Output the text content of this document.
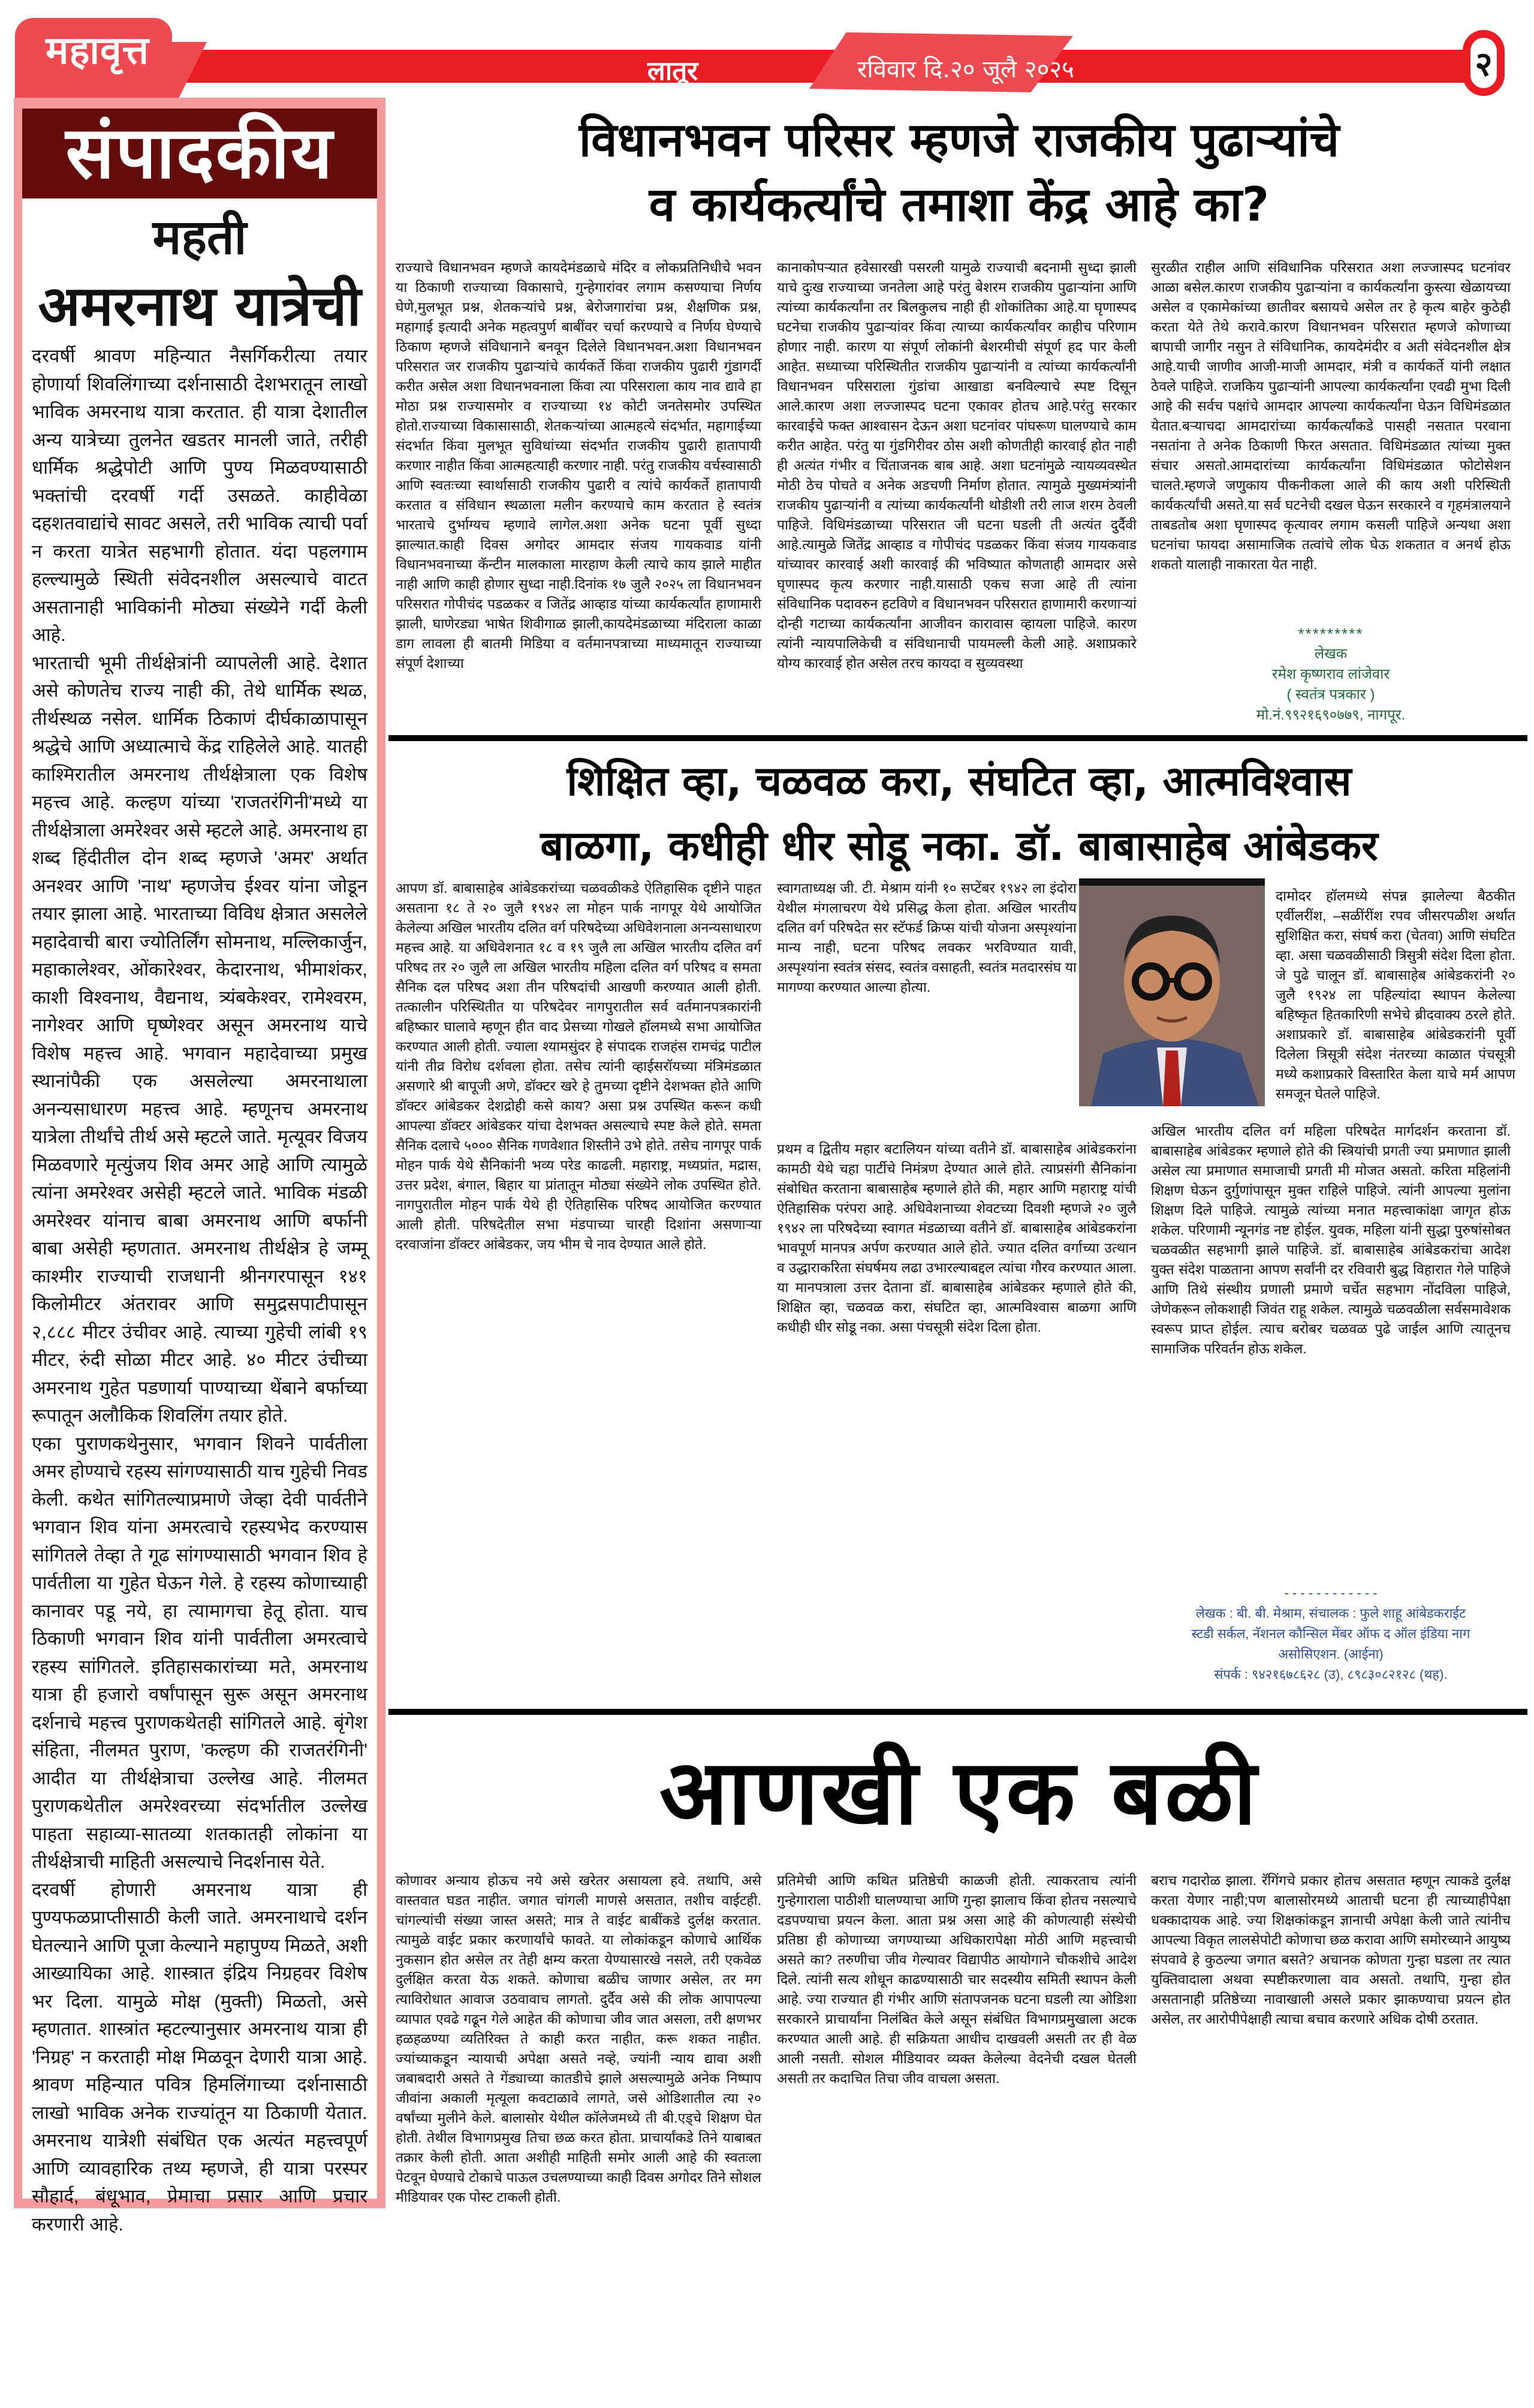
महावृत्त	लातूर	रविवार दि.२० जूलै २०२५	२
संपादकीय
महती
अमरनाथ यात्रेची

दरवर्षी श्रावण महिन्यात नैसर्गिकरीत्या तयार होणार्या शिवलिंगाच्या दर्शनासाठी देशभरातून लाखो भाविक अमरनाथ यात्रा करतात. ही यात्रा देशातील अन्य यात्रेच्या तुलनेत खडतर मानली जाते, तरीही धार्मिक श्रद्धेपोटी आणि पुण्य मिळवण्यासाठी भक्तांची दरवर्षी गर्दी उसळते. काहीवेळा दहशतवाद्यांचे सावट असले, तरी भाविक त्याची पर्वा न करता यात्रेत सहभागी होतात. यंदा पहलगाम हल्ल्यामुळे स्थिती संवेदनशील असल्याचे वाटत असतानाही भाविकांनी मोठ्या संख्येने गर्दी केली आहे.

भारताची भूमी तीर्थक्षेत्रांनी व्यापलेली आहे. देशात असे कोणतेच राज्य नाही की, तेथे धार्मिक स्थळ, तीर्थस्थळ नसेल. धार्मिक ठिकाणं दीर्घकाळापासून श्रद्धेचे आणि अध्यात्माचे केंद्र राहिलेले आहे. यातही काश्मिरातील अमरनाथ तीर्थक्षेत्राला एक विशेष महत्त्व आहे. कल्हण यांच्या 'राजतरंगिनी'मध्ये या तीर्थक्षेत्राला अमरेश्वर असे म्हटले आहे. अमरनाथ हा शब्द हिंदीतील दोन शब्द म्हणजे 'अमर' अर्थात अनश्वर आणि 'नाथ' म्हणजेच ईश्वर यांना जोडून तयार झाला आहे. भारताच्या विविध क्षेत्रात असलेले महादेवाची बारा ज्योतिर्लिंग सोमनाथ, मल्लिकार्जुन, महाकालेश्वर, ओंकारेश्वर, केदारनाथ, भीमाशंकर, काशी विश्वनाथ, वैद्यनाथ, त्र्यंबकेश्वर, रामेश्वरम, नागेश्वर आणि घृष्णेश्वर असून अमरनाथ याचे विशेष महत्त्व आहे. भगवान महादेवाच्या प्रमुख स्थानांपैकी एक असलेल्या अमरनाथाला अनन्यसाधारण महत्त्व आहे. म्हणूनच अमरनाथ यात्रेला तीर्थांचे तीर्थ असे म्हटले जाते. मृत्यूवर विजय मिळवणारे मृत्युंजय शिव अमर आहे आणि त्यामुळे त्यांना अमरेश्वर असेही म्हटले जाते. भाविक मंडळी अमरेश्वर यांनाच बाबा अमरनाथ आणि बर्फानी बाबा असेही म्हणतात. अमरनाथ तीर्थक्षेत्र हे जम्मू काश्मीर राज्याची राजधानी श्रीनगरपासून १४१ किलोमीटर अंतरावर आणि समुद्रसपाटीपासून २,८८८ मीटर उंचीवर आहे. त्याच्या गुहेची लांबी १९ मीटर, रुंदी सोळा मीटर आहे. ४० मीटर उंचीच्या अमरनाथ गुहेत पडणार्या पाण्याच्या थेंबाने बर्फाच्या रूपातून अलौकिक शिवलिंग तयार होते.

एका पुराणकथेनुसार, भगवान शिवने पार्वतीला अमर होण्याचे रहस्य सांगण्यासाठी याच गुहेची निवड केली. कथेत सांगितल्याप्रमाणे जेव्हा देवी पार्वतीने भगवान शिव यांना अमरत्वाचे रहस्यभेद करण्यास सांगितले तेव्हा ते गूढ सांगण्यासाठी भगवान शिव हे पार्वतीला या गुहेत घेऊन गेले. हे रहस्य कोणाच्याही कानावर पडू नये, हा त्यामागचा हेतू होता. याच ठिकाणी भगवान शिव यांनी पार्वतीला अमरत्वाचे रहस्य सांगितले. इतिहासकारांच्या मते, अमरनाथ यात्रा ही हजारो वर्षांपासून सुरू असून अमरनाथ दर्शनाचे महत्त्व पुराणकथेतही सांगितले आहे. बृंगेश संहिता, नीलमत पुराण, 'कल्हण की राजतरंगिनी' आदीत या तीर्थक्षेत्राचा उल्लेख आहे. नीलमत पुराणकथेतील अमरेश्वरच्या संदर्भातील उल्लेख पाहता सहाव्या-सातव्या शतकातही लोकांना या तीर्थक्षेत्राची माहिती असल्याचे निदर्शनास येते.

दरवर्षी होणारी अमरनाथ यात्रा ही पुण्यफळप्राप्तीसाठी केली जाते. अमरनाथाचे दर्शन घेतल्याने आणि पूजा केल्याने महापुण्य मिळते, अशी आख्यायिका आहे. शास्त्रात इंद्रिय निग्रहवर विशेष भर दिला. यामुळे मोक्ष (मुक्ती) मिळतो, असे म्हणतात. शास्त्रांत म्हटल्यानुसार अमरनाथ यात्रा ही 'निग्रह' न करताही मोक्ष मिळवून देणारी यात्रा आहे. श्रावण महिन्यात पवित्र हिमलिंगाच्या दर्शनासाठी लाखो भाविक अनेक राज्यांतून या ठिकाणी येतात. अमरनाथ यात्रेशी संबंधित एक अत्यंत महत्त्वपूर्ण आणि व्यावहारिक तथ्य म्हणजे, ही यात्रा परस्पर सौहार्द, बंधूभाव, प्रेमाचा प्रसार आणि प्रचार करणारी आहे.

विधानभवन परिसर म्हणजे राजकीय पुढाऱ्यांचे
व कार्यकर्त्यांचे तमाशा केंद्र आहे का?
राज्याचे विधानभवन म्हणजे कायदेमंडळाचे मंदिर व लोकप्रतिनिधीचे भवन या ठिकाणी राज्याच्या विकासाचे, गुन्हेगारांवर लगाम कसण्याचा निर्णय घेणे,मुलभूत प्रश्न, शेतकऱ्यांचे प्रश्न, बेरोजगारांचा प्रश्न, शैक्षणिक प्रश्न, महागाई इत्यादी अनेक महत्वपुर्ण बाबींवर चर्चा करण्याचे व निर्णय घेण्याचे ठिकाण म्हणजे संविधानाने बनवून दिलेले विधानभवन.अशा विधानभवन परिसरात जर राजकीय पुढाऱ्यांचे कार्यकर्ते किंवा राजकीय पुढारी गुंडागर्दी करीत असेल अशा विधानभवनाला किंवा त्या परिसराला काय नाव द्यावे हा मोठा प्रश्न राज्यासमोर व राज्याच्या १४ कोटी जनतेसमोर उपस्थित होतो.राज्याच्या विकासासाठी, शेतकऱ्यांच्या आत्महत्ये संदर्भात, महागाईच्या संदर्भात किंवा मुलभूत सुविधांच्या संदर्भात राजकीय पुढारी हातापायी करणार नाहीत किंवा आत्महत्याही करणार नाही. परंतु राजकीय वर्चस्वासाठी आणि स्वतःच्या स्वार्थासाठी राजकीय पुढारी व त्यांचे कार्यकर्ते हातापायी करतात व संविधान स्थळाला मलीन करण्याचे काम करतात हे स्वतंत्र भारताचे दुर्भाग्यच म्हणावे लागेल.अशा अनेक घटना पूर्वी सुध्दा झाल्यात.काही दिवस अगोदर आमदार संजय गायकवाड यांनी विधानभवनाच्या कॅन्टीन मालकाला मारहाण केली त्याचे काय झाले माहीत नाही आणि काही होणार सुध्दा नाही.दिनांक १७ जुलै २०२५ ला विधानभवन परिसरात गोपीचंद पडळकर व जितेंद्र आव्हाड यांच्या कार्यकर्त्यांत हाणामारी झाली, घाणेरड्या भाषेत शिवीगाळ झाली,कायदेमंडळाच्या मंदिराला काळा डाग लावला ही बातमी मिडिया व वर्तमानपत्राच्या माध्यमातून राज्याच्या संपूर्ण देशाच्या
कानाकोपऱ्यात हवेसारखी पसरली यामुळे राज्याची बदनामी सुध्दा झाली याचे दुःख राज्याच्या जनतेला आहे परंतु बेशरम राजकीय पुढाऱ्यांना आणि त्यांच्या कार्यकर्त्यांना तर बिलकुलच नाही ही शोकांतिका आहे.या घृणास्पद घटनेचा राजकीय पुढाऱ्यांवर किंवा त्याच्या कार्यकर्त्यांवर काहीच परिणाम होणार नाही. कारण या संपूर्ण लोकांनी बेशरमीची संपूर्ण हद पार केली आहेत. सध्याच्या परिस्थितीत राजकीय पुढाऱ्यांनी व त्यांच्या कार्यकर्त्यांनी विधानभवन परिसराला गुंडांचा आखाडा बनविल्याचे स्पष्ट दिसून आले.कारण अशा लज्जास्पद घटना एकावर होतच आहे.परंतु सरकार कारवाईचे फक्त आश्वासन देऊन अशा घटनांवर पांघरूण घालण्याचे काम करीत आहेत. परंतु या गुंडगिरीवर ठोस अशी कोणतीही कारवाई होत नाही ही अत्यंत गंभीर व चिंताजनक बाब आहे. अशा घटनांमुळे न्यायव्यवस्थेत मोठी ठेच पोचते व अनेक अडचणी निर्माण होतात. त्यामुळे मुख्यमंत्र्यांनी राजकीय पुढाऱ्यांनी व त्यांच्या कार्यकर्त्यांनी थोडीशी तरी लाज शरम ठेवली पाहिजे. विधिमंडळाच्या परिसरात जी घटना घडली ती अत्यंत दुर्दैवी आहे.त्यामुळे जितेंद्र आव्हाड व गोपीचंद पडळकर किंवा संजय गायकवाड यांच्यावर कारवाई अशी कारवाई की भविष्यात कोणताही आमदार असे घृणास्पद कृत्य करणार नाही.यासाठी एकच सजा आहे ती त्यांना संविधानिक पदावरुन हटविणे व विधानभवन परिसरात हाणामारी करणाऱ्यां दोन्ही गटाच्या कार्यकर्त्यांना आजीवन कारावास व्हायला पाहिजे. कारण त्यांनी न्यायपालिकेची व संविधानाची पायमल्ली केली आहे. अशाप्रकारे योग्य कारवाई होत असेल तरच कायदा व सुव्यवस्था
सुरळीत राहील आणि संविधानिक परिसरात अशा लज्जास्पद घटनांवर आळा बसेल.कारण राजकीय पुढाऱ्यांना व कार्यकर्त्यांना कुस्त्या खेळायच्या असेल व एकामेकांच्या छातीवर बसायचे असेल तर हे कृत्य बाहेर कुठेही करता येते तेथे करावे.कारण विधानभवन परिसरात म्हणजे कोणाच्या बापाची जागीर नसुन ते संविधानिक, कायदेमंदीर व अती संवेदनशील क्षेत्र आहे.याची जाणीव आजी-माजी आमदार, मंत्री व कार्यकर्ते यांनी लक्षात ठेवले पाहिजे. राजकिय पुढाऱ्यांनी आपल्या कार्यकर्त्यांना एवढी मुभा दिली आहे की सर्वच पक्षांचे आमदार आपल्या कार्यकर्त्यांना घेऊन विधिमंडळात येतात.बऱ्याचदा आमदारांच्या कार्यकर्त्यांकडे पासही नसतात परवाना नसतांना ते अनेक ठिकाणी फिरत असतात. विधिमंडळात त्यांच्या मुक्त संचार असतो.आमदारांच्या कार्यकर्त्यांना विधिमंडळात फोटोसेशन चालते.म्हणजे जणुकाय पीकनीकला आले की काय अशी परिस्थिती कार्यकर्त्यांची असते.या सर्व घटनेची दखल घेऊन सरकारने व गृहमंत्रालयाने ताबडतोब अशा घृणास्पद कृत्यावर लगाम कसली पाहिजे अन्यथा अशा घटनांचा फायदा असामाजिक तत्वांचे लोक घेऊ शकतात व अनर्थ होऊ शकतो यालाही नाकारता येत नाही.
*********
लेखक
रमेश कृष्णराव लांजेवार
( स्वतंत्र पत्रकार )
मो.नं.९९२१६९०७७९, नागपूर.
शिक्षित व्हा, चळवळ करा, संघटित व्हा, आत्मविश्वास
बाळगा, कधीही धीर सोडू नका. डॉ. बाबासाहेब आंबेडकर
आपण डॉ. बाबासाहेब आंबेडकरांच्या चळवळीकडे ऐतिहासिक दृष्टीने पाहत असताना १८ ते २० जुलै १९४२ ला मोहन पार्क नागपूर येथे आयोजित केलेल्या अखिल भारतीय दलित वर्ग परिषदेच्या अधिवेशनाला अनन्यसाधारण महत्त्व आहे. या अधिवेशनात १८ व १९ जुलै ला अखिल भारतीय दलित वर्ग परिषद तर २० जुलै ला अखिल भारतीय महिला दलित वर्ग परिषद व समता सैनिक दल परिषद अशा तीन परिषदांची आखणी करण्यात आली होती. तत्कालीन परिस्थितीत या परिषदेवर नागपुरातील सर्व वर्तमानपत्रकारांनी बहिष्कार घालावे म्हणून हीत वाद प्रेसच्या गोखले हॉलमध्ये सभा आयोजित करण्यात आली होती. ज्याला श्यामसुंदर हे संपादक राजहंस रामचंद्र पाटील यांनी तीव्र विरोध दर्शवला होता. तसेच त्यांनी व्हाईसरॉयच्या मंत्रिमंडळात असणारे श्री बापूजी अणे, डॉक्टर खरे हे तुमच्या दृष्टीने देशभक्त होते आणि डॉक्टर आंबेडकर देशद्रोही कसे काय? असा प्रश्न उपस्थित करून कधी आपल्या डॉक्टर आंबेडकर यांचा देशभक्त असल्याचे स्पष्ट केले होते. समता सैनिक दलाचे ५००० सैनिक गणवेशात शिस्तीने उभे होते. तसेच नागपूर पार्क मोहन पार्क येथे सैनिकांनी भव्य परेड काढली. महाराष्ट्र, मध्यप्रांत, मद्रास, उत्तर प्रदेश, बंगाल, बिहार या प्रांतातून मोठ्या संख्येने लोक उपस्थित होते. नागपुरातील मोहन पार्क येथे ही ऐतिहासिक परिषद आयोजित करण्यात आली होती. परिषदेतील सभा मंडपाच्या चारही दिशांना असणाऱ्या दरवाजांना डॉक्टर आंबेडकर, जय भीम चे नाव देण्यात आले होते.
स्वागताध्यक्ष जी. टी. मेश्राम यांनी १० सप्टेंबर १९४२ ला इंदोरा येथील मंगलाचरण येथे प्रसिद्ध केला होता. अखिल भारतीय दलित वर्ग परिषदेत सर स्टॅफर्ड क्रिप्स यांची योजना अस्पृश्यांना मान्य नाही, घटना परिषद लवकर भरविण्यात यावी, अस्पृश्यांना स्वतंत्र संसद, स्वतंत्र वसाहती, स्वतंत्र मतदारसंघ या मागण्या करण्यात आल्या होत्या.
प्रथम व द्वितीय महार बटालियन यांच्या वतीने डॉ. बाबासाहेब आंबेडकरांना कामठी येथे चहा पार्टीचे निमंत्रण देण्यात आले होते. त्याप्रसंगी सैनिकांना संबोधित करताना बाबासाहेब म्हणाले होते की, महार आणि महाराष्ट्र यांची ऐतिहासिक परंपरा आहे. अधिवेशनाच्या शेवटच्या दिवशी म्हणजे २० जुलै १९४२ ला परिषदेच्या स्वागत मंडळाच्या वतीने डॉ. बाबासाहेब आंबेडकरांना भावपूर्ण मानपत्र अर्पण करण्यात आले होते. ज्यात दलित वर्गाच्या उत्थान व उद्धाराकरिता संघर्षमय लढा उभारल्याबद्दल त्यांचा गौरव करण्यात आला. या मानपत्राला उत्तर देताना डॉ. बाबासाहेब आंबेडकर म्हणाले होते की, शिक्षित व्हा, चळवळ करा, संघटित व्हा, आत्मविश्वास बाळगा आणि कधीही धीर सोडू नका. असा पंचसूत्री संदेश दिला होता.
दामोदर हॉलमध्ये संपन्न झालेल्या बैठकीत एर्वीलरींश, –सळींरींश रपव जीसरपळीश अर्थात सुशिक्षित करा, संघर्ष करा (चेतवा) आणि संघटित व्हा. असा चळवळीसाठी त्रिसुत्री संदेश दिला होता. जे पुढे चालून डॉ. बाबासाहेब आंबेडकरांनी २० जुलै १९२४ ला पहिल्यांदा स्थापन केलेल्या बहिष्कृत हितकारिणी सभेचे ब्रीदवाक्य ठरले होते. अशाप्रकारे डॉ. बाबासाहेब आंबेडकरांनी पूर्वी दिलेला त्रिसूत्री संदेश नंतरच्या काळात पंचसूत्री मध्ये कशाप्रकारे विस्तारित केला याचे मर्म आपण समजून घेतले पाहिजे.
अखिल भारतीय दलित वर्ग महिला परिषदेत मार्गदर्शन करताना डॉ. बाबासाहेब आंबेडकर म्हणाले होते की स्त्रियांची प्रगती ज्या प्रमाणात झाली असेल त्या प्रमाणात समाजाची प्रगती मी मोजत असतो. करिता महिलांनी शिक्षण घेऊन दुर्गुणांपासून मुक्त राहिले पाहिजे. त्यांनी आपल्या मुलांना शिक्षण दिले पाहिजे. त्यामुळे त्यांच्या मनात महत्त्वाकांक्षा जागृत होऊ शकेल. परिणामी न्यूनगंड नष्ट होईल. युवक, महिला यांनी सुद्धा पुरुषांसोबत चळवळीत सहभागी झाले पाहिजे. डॉ. बाबासाहेब आंबेडकरांचा आदेश युक्त संदेश पाळताना आपण सर्वांनी दर रविवारी बुद्ध विहारात गेले पाहिजे आणि तिथे संस्थीय प्रणाली प्रमाणे चर्चेत सहभाग नोंदविला पाहिजे, जेणेकरून लोकशाही जिवंत राहू शकेल. त्यामुळे चळवळीला सर्वसमावेशक स्वरूप प्राप्त होईल. त्याच बरोबर चळवळ पुढे जाईल आणि त्यातूनच सामाजिक परिवर्तन होऊ शकेल.
- - - - - - - - - - - -
लेखक : बी. बी. मेश्राम, संचालक : फुले शाहू आंबेडकराईट
स्टडी सर्कल, नॅशनल कौन्सिल मेंबर ऑफ द ऑल इंडिया नाग
असोसिएशन. (आईना)
संपर्क : ९४२१६७८६२८ (उ), ८९८३०८२१२८ (थह).
आणखी एक बळी
कोणावर अन्याय होऊच नये असे खरेतर असायला हवे. तथापि, असे वास्तवात घडत नाहीत. जगात चांगली माणसे असतात, तशीच वाईटही. चांगल्यांची संख्या जास्त असते; मात्र ते वाईट बाबींकडे दुर्लक्ष करतात. त्यामुळे वाईट प्रकार करणार्यांचे फावते. या लोकांकडून कोणाचे आर्थिक नुकसान होत असेल तर तेही क्षम्य करता येण्यासारखे नसले, तरी एकवेळ दुर्लक्षित करता येऊ शकते. कोणाचा बळीच जाणार असेल, तर मग त्याविरोधात आवाज उठवावाच लागतो. दुर्दैव असे की लोक आपापल्या व्यापात एवढे गढून गेले आहेत की कोणाचा जीव जात असला, तरी क्षणभर हळहळण्या व्यतिरिक्त ते काही करत नाहीत, करू शकत नाहीत. ज्यांच्याकडून न्यायाची अपेक्षा असते नव्हे, ज्यांनी न्याय द्यावा अशी जबाबदारी असते ते गेंड्याच्या कातडीचे झाले असल्यामुळे अनेक निष्पाप जीवांना अकाली मृत्यूला कवटाळावे लागते, जसे ओडिशातील त्या २० वर्षांच्या मुलीने केले. बालासोर येथील कॉलेजमध्ये ती बी.एड्चे शिक्षण घेत होती. तेथील विभागप्रमुख तिचा छळ करत होता. प्राचार्यांकडे तिने याबाबत तक्रार केली होती. आता अशीही माहिती समोर आली आहे की स्वतःला पेटवून घेण्याचे टोकाचे पाऊल उचलण्याच्या काही दिवस अगोदर तिने सोशल मीडियावर एक पोस्ट टाकली होती.
प्रतिमेची आणि कथित प्रतिष्ठेची काळजी होती. त्याकरताच त्यांनी गुन्हेगाराला पाठीशी घालण्याचा आणि गुन्हा झालाच किंवा होतच नसल्याचे दडपण्याचा प्रयत्न केला. आता प्रश्न असा आहे की कोणत्याही संस्थेची प्रतिष्ठा ही कोणाच्या जगण्याच्या अधिकारापेक्षा मोठी आणि महत्त्वाची असते का? तरुणीचा जीव गेल्यावर विद्यापीठ आयोगाने चौकशीचे आदेश दिले. त्यांनी सत्य शोधून काढण्यासाठी चार सदस्यीय समिती स्थापन केली आहे. ज्या राज्यात ही गंभीर आणि संतापजनक घटना घडली त्या ओडिशा सरकारने प्राचार्यांना निलंबित केले असून संबंधित विभागप्रमुखाला अटक करण्यात आली आहे. ही सक्रियता आधीच दाखवली असती तर ही वेळ आली नसती. सोशल मीडियावर व्यक्त केलेल्या वेदनेची दखल घेतली असती तर कदाचित तिचा जीव वाचला असता.
बराच गदारोळ झाला. रॅगिंगचे प्रकार होतच असतात म्हणून त्याकडे दुर्लक्ष करता येणार नाही;पण बालासोरमध्ये आताची घटना ही त्याच्याहीपेक्षा धक्कादायक आहे. ज्या शिक्षकांकडून ज्ञानाची अपेक्षा केली जाते त्यांनीच आपल्या विकृत लालसेपोटी कोणाचा छळ करावा आणि समोरच्याने आयुष्य संपवावे हे कुठल्या जगात बसते? अचानक कोणता गुन्हा घडला तर त्यात युक्तिवादाला अथवा स्पष्टीकरणाला वाव असतो. तथापि, गुन्हा होत असतानाही प्रतिष्ठेच्या नावाखाली असले प्रकार झाकण्याचा प्रयत्न होत असेल, तर आरोपीपेक्षाही त्याचा बचाव करणारे अधिक दोषी ठरतात.
